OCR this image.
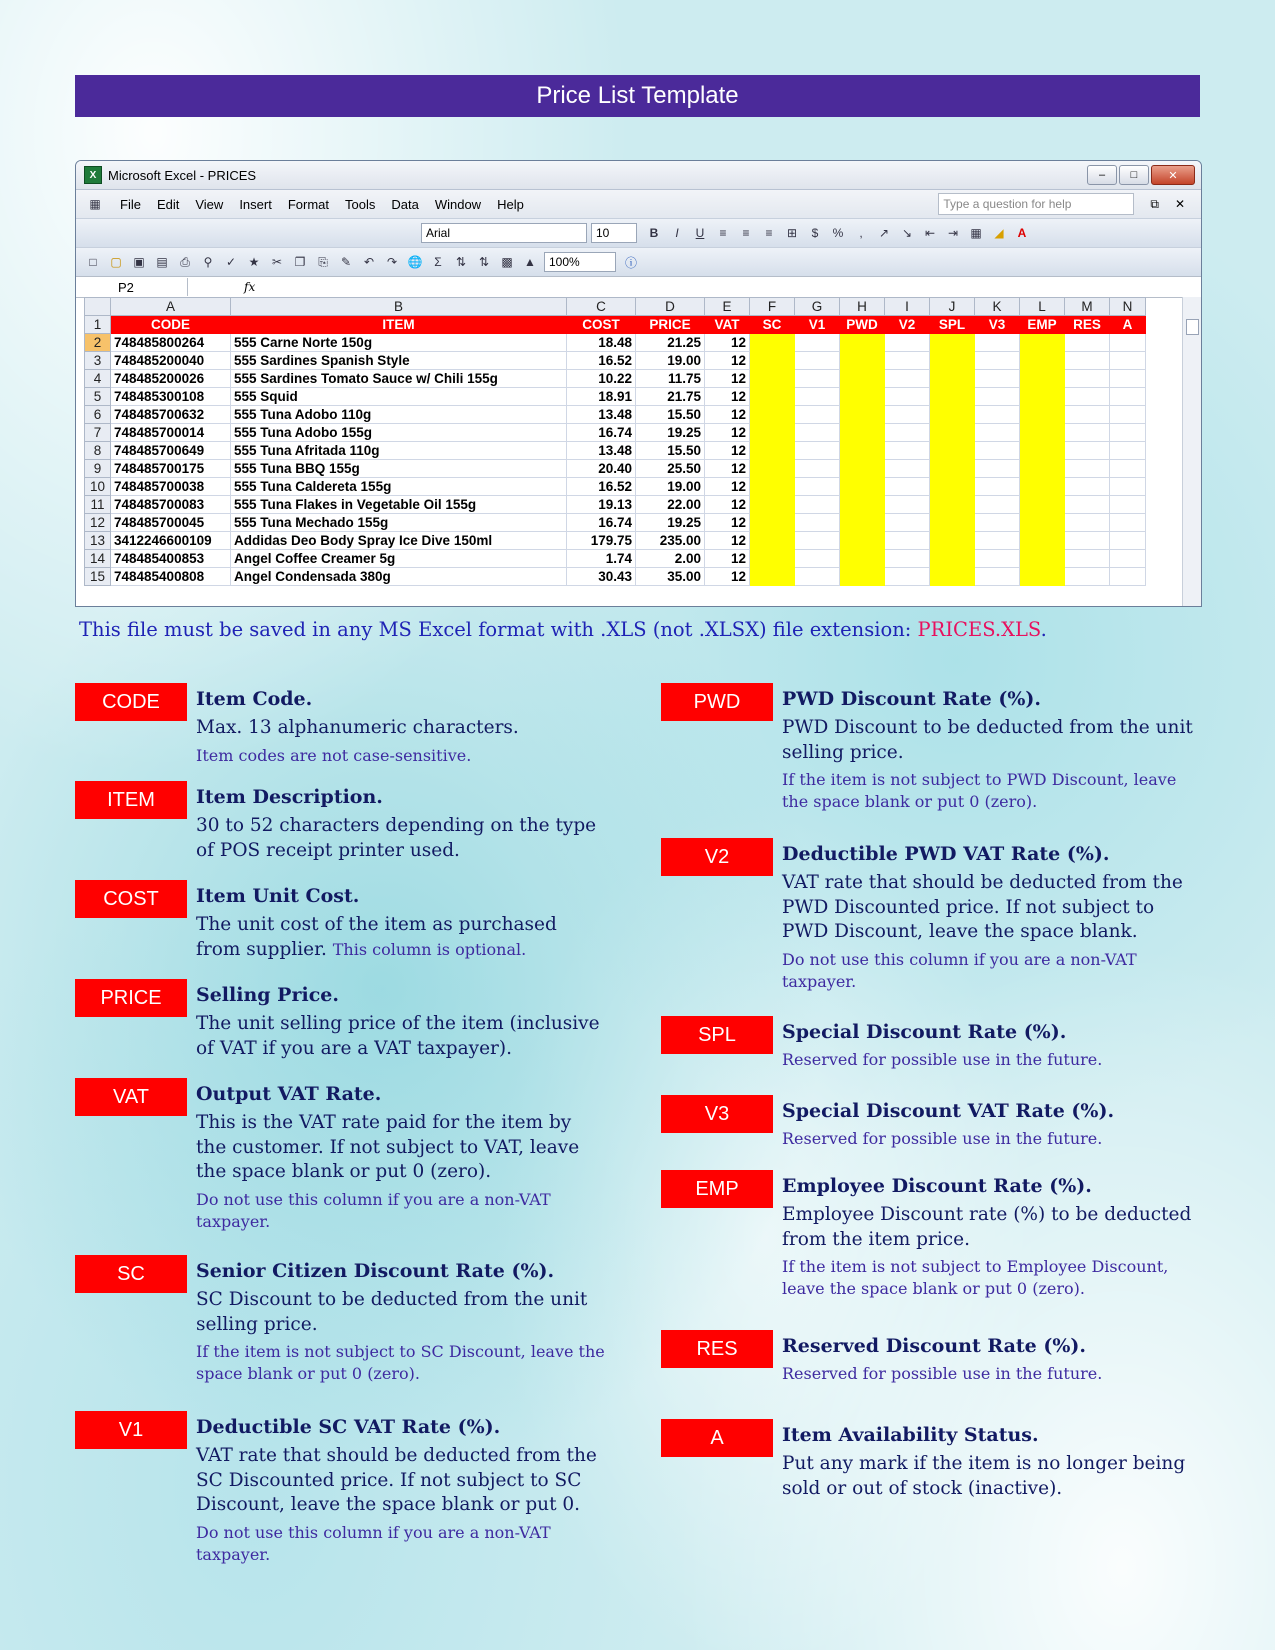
Price List Template
X Microsoft Excel - PRICES	–	□	✕
▦ File Edit View Insert Format Tools Data Window Help	Type a question for help	⧉ ✕
Arial	10	B I U	≡	≡	≡	⊞	$	%	,	↗	↘	⇤	⇥	▦	◢	A
□	▢ ▣ ▤	⎙	⚲	✓	★	✂	❐	⎘	✎	↶	↷ 🌐 Σ	⇅	⇅	▩ ▲	100%	ⓘ
P2	fx
	A	B	C	D	E	F	G	H	I	J	K	L	M	N
1	CODE	ITEM	COST	PRICE	VAT	SC	V1	PWD	V2	SPL	V3	EMP	RES	A
2	748485800264	555 Carne Norte 150g	18.48	21.25	12									
3	748485200040	555 Sardines Spanish Style	16.52	19.00	12									
4	748485200026	555 Sardines Tomato Sauce w/ Chili 155g	10.22	11.75	12									
5	748485300108	555 Squid	18.91	21.75	12									
6	748485700632	555 Tuna Adobo 110g	13.48	15.50	12									
7	748485700014	555 Tuna Adobo 155g	16.74	19.25	12									
8	748485700649	555 Tuna Afritada 110g	13.48	15.50	12									
9	748485700175	555 Tuna BBQ 155g	20.40	25.50	12									
10	748485700038	555 Tuna Caldereta 155g	16.52	19.00	12									
11	748485700083	555 Tuna Flakes in Vegetable Oil 155g	19.13	22.00	12									
12	748485700045	555 Tuna Mechado 155g	16.74	19.25	12									
13	3412246600109	Addidas Deo Body Spray Ice Dive 150ml	179.75	235.00	12									
14	748485400853	Angel Coffee Creamer 5g	1.74	2.00	12									
15	748485400808	Angel Condensada 380g	30.43	35.00	12									
This file must be saved in any MS Excel format with .XLS (not .XLSX) file extension: PRICES.XLS.
CODE	Item Code.
Max. 13 alphanumeric characters.
Item codes are not case-sensitive.
ITEM	Item Description.
30 to 52 characters depending on the type of POS receipt printer used.
COST	Item Unit Cost.
The unit cost of the item as purchased from supplier. This column is optional.
PRICE	Selling Price.
The unit selling price of the item (inclusive of VAT if you are a VAT taxpayer).
VAT	Output VAT Rate.
This is the VAT rate paid for the item by the customer. If not subject to VAT, leave the space blank or put 0 (zero).
Do not use this column if you are a non-VAT taxpayer.
SC	Senior Citizen Discount Rate (%).
SC Discount to be deducted from the unit selling price.
If the item is not subject to SC Discount, leave the space blank or put 0 (zero).
V1	Deductible SC VAT Rate (%).
VAT rate that should be deducted from the SC Discounted price. If not subject to SC Discount, leave the space blank or put 0.
Do not use this column if you are a non-VAT taxpayer.
PWD	PWD Discount Rate (%).
PWD Discount to be deducted from the unit selling price.
If the item is not subject to PWD Discount, leave the space blank or put 0 (zero).
V2	Deductible PWD VAT Rate (%).
VAT rate that should be deducted from the PWD Discounted price. If not subject to PWD Discount, leave the space blank.
Do not use this column if you are a non-VAT taxpayer.
SPL	Special Discount Rate (%).
Reserved for possible use in the future.
V3	Special Discount VAT Rate (%).
Reserved for possible use in the future.
EMP	Employee Discount Rate (%).
Employee Discount rate (%) to be deducted from the item price.
If the item is not subject to Employee Discount, leave the space blank or put 0 (zero).
RES	Reserved Discount Rate (%).
Reserved for possible use in the future.
A	Item Availability Status.
Put any mark if the item is no longer being sold or out of stock (inactive).
